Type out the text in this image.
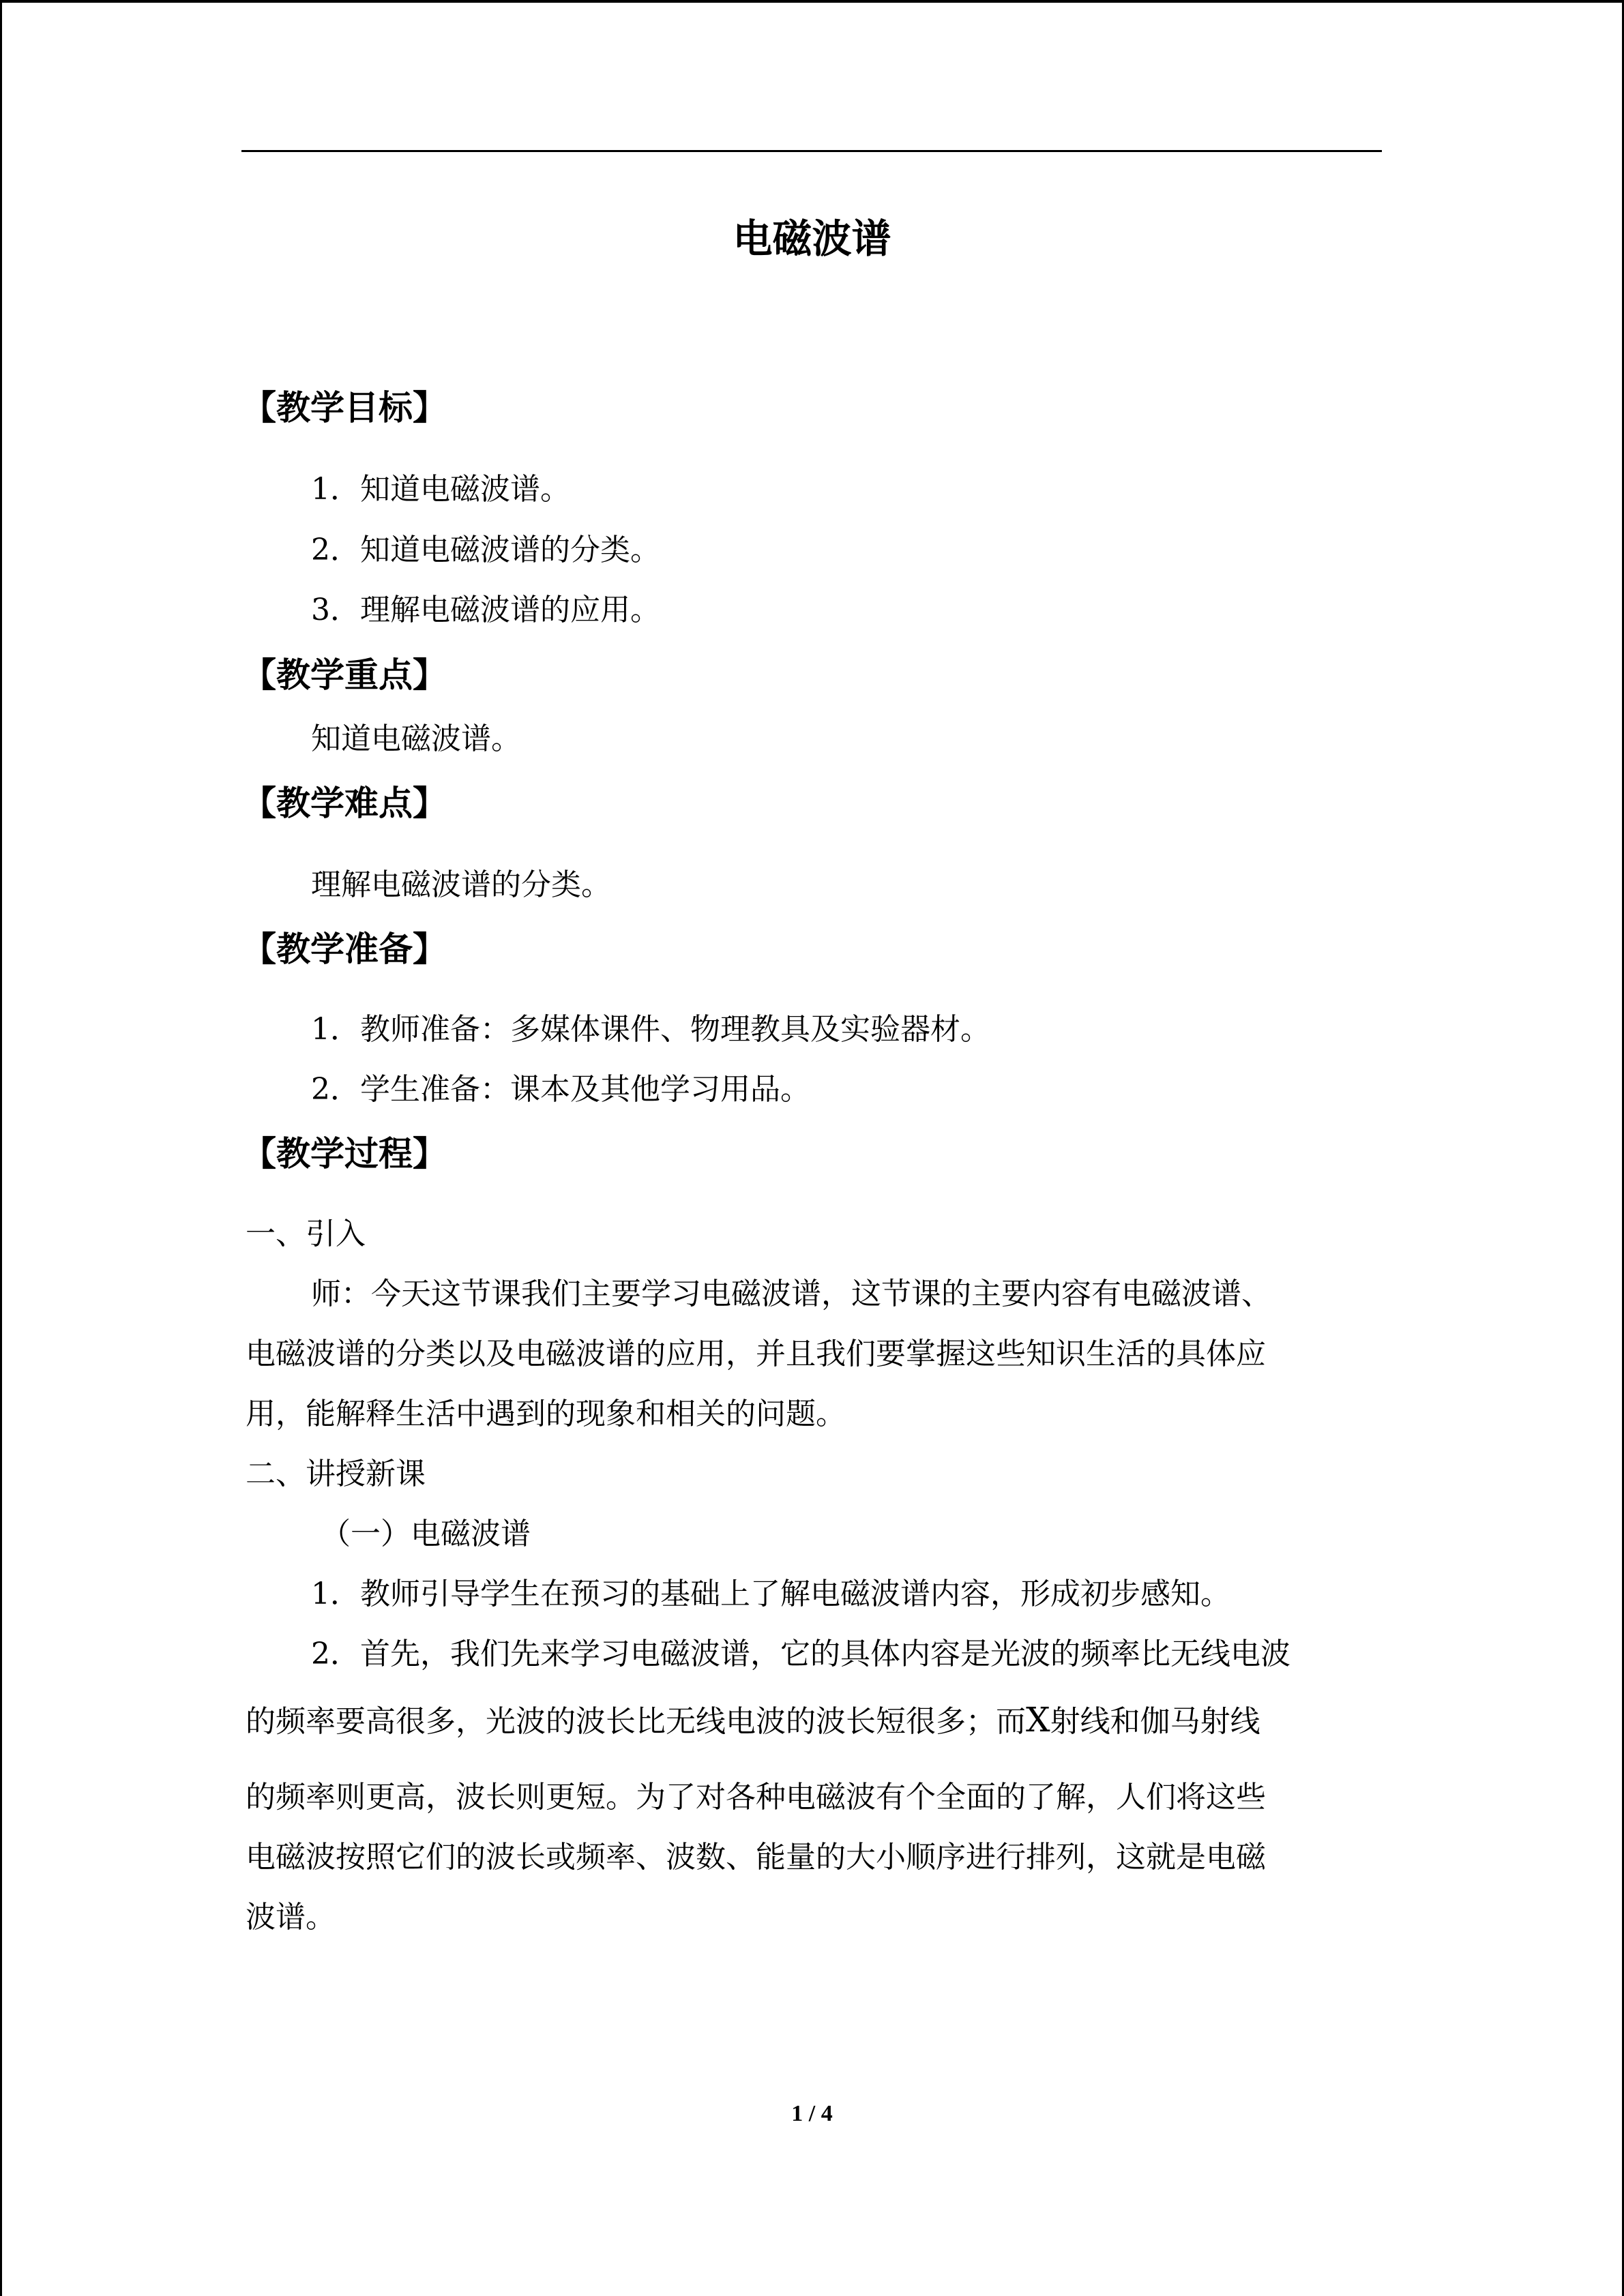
电磁波谱
【教学目标】

1．知道电磁波谱。

2．知道电磁波谱的分类。

3．理解电磁波谱的应用。

【教学重点】

知道电磁波谱。

【教学难点】

理解电磁波谱的分类。

【教学准备】

1．教师准备：多媒体课件、物理教具及实验器材。

2．学生准备：课本及其他学习用品。

【教学过程】

一、引入

师：今天这节课我们主要学习电磁波谱，这节课的主要内容有电磁波谱、

电磁波谱的分类以及电磁波谱的应用，并且我们要掌握这些知识生活的具体应

用，能解释生活中遇到的现象和相关的问题。

二、讲授新课

（一）电磁波谱

1．教师引导学生在预习的基础上了解电磁波谱内容，形成初步感知。

2．首先，我们先来学习电磁波谱，它的具体内容是光波的频率比无线电波

的频率要高很多，光波的波长比无线电波的波长短很多；而X射线和伽马射线

的频率则更高，波长则更短。为了对各种电磁波有个全面的了解，人们将这些

电磁波按照它们的波长或频率、波数、能量的大小顺序进行排列，这就是电磁

波谱。

1 / 4
